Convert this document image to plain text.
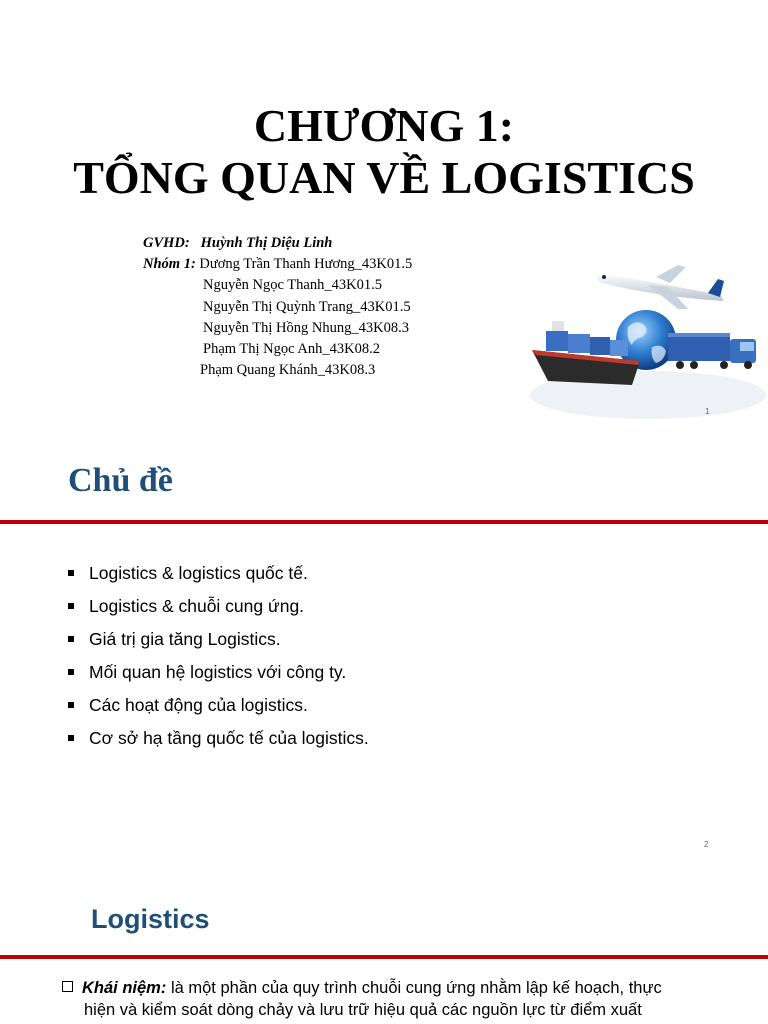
CHƯƠNG 1:
TỔNG QUAN VỀ LOGISTICS
GVHD: Huỳnh Thị Diệu Linh
Nhóm 1: Dương Trần Thanh Hương_43K01.5
Nguyễn Ngọc Thanh_43K01.5
Nguyễn Thị Quỳnh Trang_43K01.5
Nguyễn Thị Hồng Nhung_43K08.3
Phạm Thị Ngọc Anh_43K08.2
Phạm Quang Khánh_43K08.3
1
Chủ đề
Logistics & logistics quốc tế.
Logistics & chuỗi cung ứng.
Giá trị gia tăng Logistics.
Mối quan hệ logistics với công ty.
Các hoạt động của logistics.
Cơ sở hạ tầng quốc tế của logistics.
2
Logistics
Khái niệm: là một phần của quy trình chuỗi cung ứng nhằm lập kế hoạch, thực
hiện và kiểm soát dòng chảy và lưu trữ hiệu quả các nguồn lực từ điểm xuất
